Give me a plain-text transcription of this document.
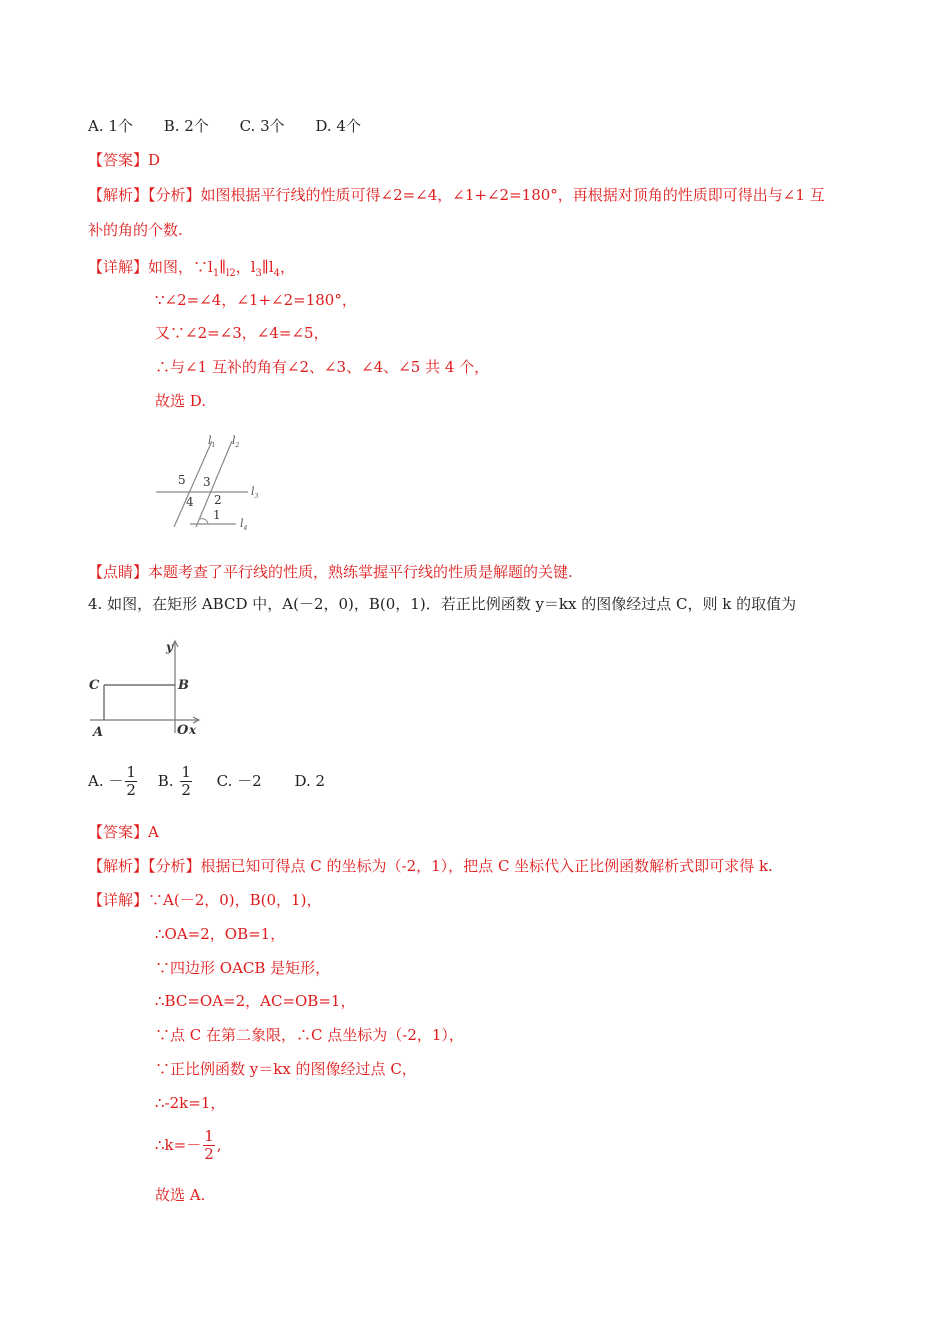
A. 1个 B. 2个 C. 3个 D. 4个
【答案】D
【解析】【分析】如图根据平行线的性质可得∠2=∠4，∠1+∠2=180°，再根据对顶角的性质即可得出与∠1 互
补的角的个数.
【详解】如图，$\because l_1\parallel_{l2}$，$l_3\parallel l_4$，
∵∠2=∠4，∠1+∠2=180°，
又∵∠2=∠3，∠4=∠5，
∴与∠1 互补的角有∠2、∠3、∠4、∠5 共 4 个，
故选 D.
$l_1$ $l_2$
$l_3$
$l_4$
5 3
4 2
1
【点睛】本题考查了平行线的性质，熟练掌握平行线的性质是解题的关键.
4. 如图，在矩形 ABCD 中，A(－2，0)，B(0，1)．若正比例函数 y＝kx 的图像经过点 C，则 k 的取值为
y
C	B
A	O x
A. － $\frac{1}{2} B$. $\frac{1}{2} C$. －2 D. 2
【答案】A
【解析】【分析】根据已知可得点 C 的坐标为（-2，1），把点 C 坐标代入正比例函数解析式即可求得 k.
【详解】∵A(－2，0)，B(0，1)，
∴OA=2，OB=1，
∵四边形 OACB 是矩形，
∴BC=OA=2，AC=OB=1，
∵点 C 在第二象限，∴C 点坐标为（-2，1），
∵正比例函数 y＝kx 的图像经过点 C，
∴-2k=1，
∴k=－ $\frac{1}{2}$ ,
故选 A.
